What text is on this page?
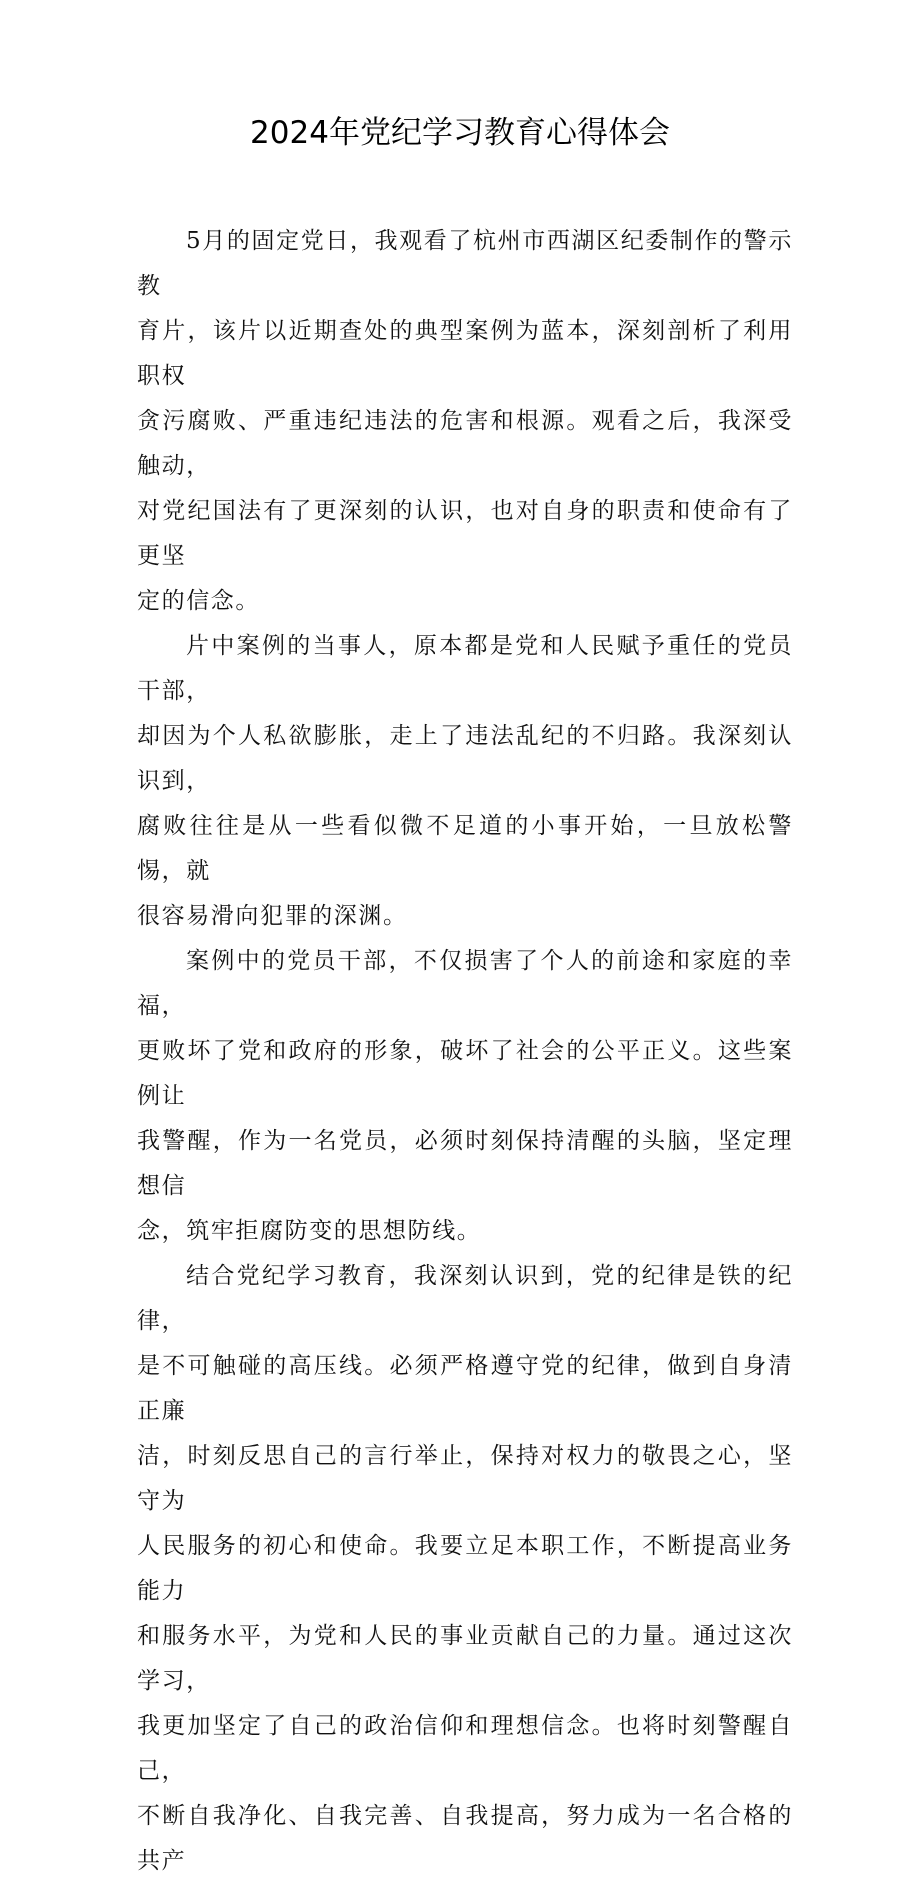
2024年党纪学习教育心得体会

5月的固定党日，我观看了杭州市西湖区纪委制作的警示教
育片，该片以近期查处的典型案例为蓝本，深刻剖析了利用职权
贪污腐败、严重违纪违法的危害和根源。观看之后，我深受触动，
对党纪国法有了更深刻的认识，也对自身的职责和使命有了更坚
定的信念。

片中案例的当事人，原本都是党和人民赋予重任的党员干部，
却因为个人私欲膨胀，走上了违法乱纪的不归路。我深刻认识到，
腐败往往是从一些看似微不足道的小事开始，一旦放松警惕，就
很容易滑向犯罪的深渊。

案例中的党员干部，不仅损害了个人的前途和家庭的幸福，
更败坏了党和政府的形象，破坏了社会的公平正义。这些案例让
我警醒，作为一名党员，必须时刻保持清醒的头脑，坚定理想信
念，筑牢拒腐防变的思想防线。

结合党纪学习教育，我深刻认识到，党的纪律是铁的纪律，
是不可触碰的高压线。必须严格遵守党的纪律，做到自身清正廉
洁，时刻反思自己的言行举止，保持对权力的敬畏之心，坚守为
人民服务的初心和使命。我要立足本职工作，不断提高业务能力
和服务水平，为党和人民的事业贡献自己的力量。通过这次学习，
我更加坚定了自己的政治信仰和理想信念。也将时刻警醒自己，
不断自我净化、自我完善、自我提高，努力成为一名合格的共产
